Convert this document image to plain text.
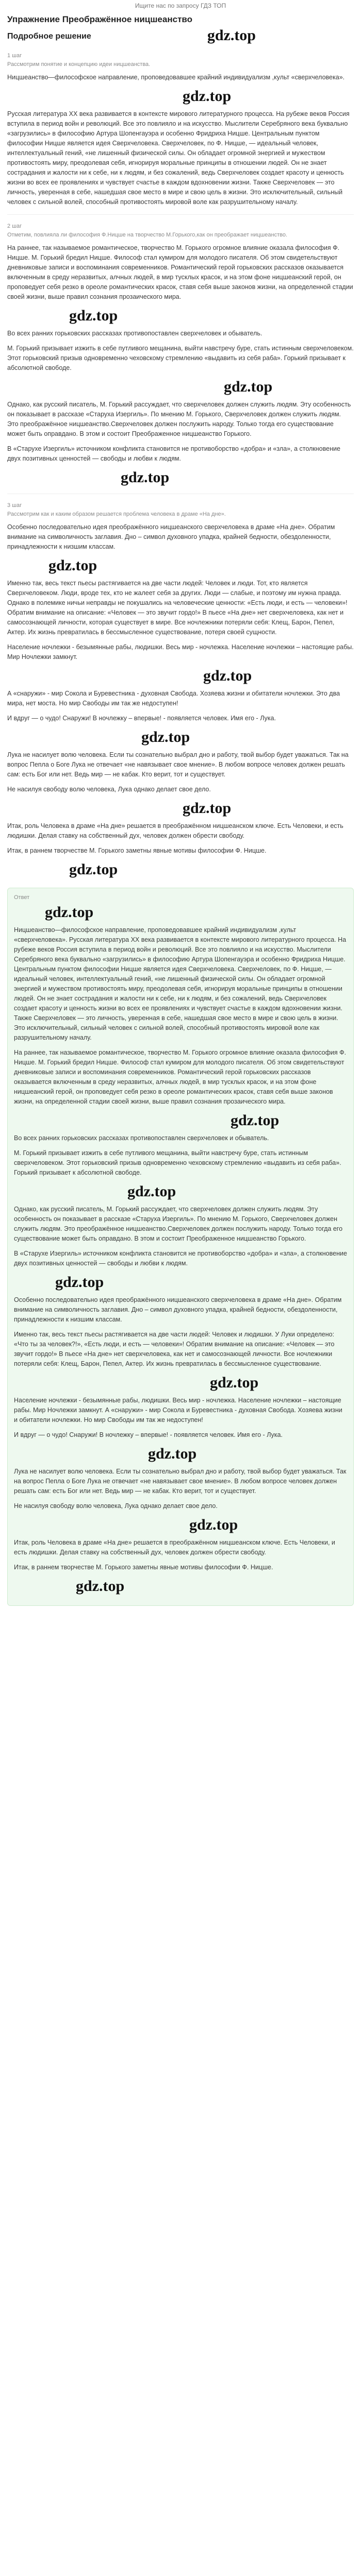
Ищите нас по запросу ГДЗ ТОП
Упражнение Преображённое ницшеанство
Подробное решение	gdz.top
1 шаг
Рассмотрим понятие и концепцию идеи ницшеанства.

Ницшеанство—философское направление, проповедовавшее крайний индивидуализм ,культ «сверхчеловека».

gdz.top

Русская литература XX века развивается в контексте мирового литературного процесса. На рубеже веков Россия вступила в период войн и революций. Все это повлияло и на искусство. Мыслители Серебряного века буквально «загрузились» в философию Артура Шопенгауэра и особенно Фридриха Ницше. Центральным пунктом философии Ницше является идея Сверхчеловека. Сверхчеловек, по Ф. Ницше, — идеальный человек, интеллектуальный гений, «не лишенный физической силы. Он обладает огромной энергией и мужеством противостоять миру, преодолевая себя, игнорируя моральные принципы в отношении людей. Он не знает сострадания и жалости ни к себе, ни к людям, и без сожалений, ведь Сверхчеловек создает красоту и ценность жизни во всех ее проявлениях и чувствует счастье в каждом вдохновении жизни. Также Сверхчеловек — это личность, уверенная в себе, нашедшая свое место в мире и свою цель в жизни. Это исключительный, сильный человек с сильной волей, способный противостоять мировой воле как разрушительному началу.

2 шаг
Отметим, повлияла ли философия Ф.Ницше на творчество М.Горького,как он преображает ницшеанство.

На раннее, так называемое романтическое, творчество М. Горького огромное влияние оказала философия Ф. Ницше. М. Горький бредил Ницше. Философ стал кумиром для молодого писателя. Об этом свидетельствуют дневниковые записи и воспоминания современников. Романтический герой горьковских рассказов оказывается включенным в среду неразвитых, алчных людей, в мир тусклых красок, и на этом фоне ницшеанский герой, он проповедует себя резко в ореоле романтических красок, ставя себя выше законов жизни, на определенной стадии своей жизни, выше правил сознания прозаического мира.

gdz.top

Во всех ранних горьковских рассказах противопоставлен сверхчеловек и обыватель.

М. Горький призывает изжить в себе путливого мещанина, выйти навстречу буре, стать истинным сверхчеловеком. Этот горьковский призыв одновременно чеховскому стремлению «выдавить из себя раба». Горький призывает к абсолютной свободе.

gdz.top

Однако, как русский писатель, М. Горький рассуждает, что сверхчеловек должен служить людям. Эту особенность он показывает в рассказе «Старуха Изергиль». По мнению М. Горького, Сверхчеловек должен служить людям. Это преображённое ницшеанство.Сверхчеловек должен послужить народу. Только тогда его существование может быть оправдано. В этом и состоит Преображенное ницшеанство Горького.

В «Старухе Изергиль» источником конфликта становится не противоборство «добра» и «зла», а столкновение двух позитивных ценностей — свободы и любви к людям.

gdz.top
3 шаг
Рассмотрим как и каким образом решается проблема человека в драме «На дне».

Особенно последовательно идея преображённого ницшеанского сверхчеловека в драме «На дне». Обратим внимание на символичность заглавия. Дно – символ духовного упадка, крайней бедности, обездоленности, принадлежности к низшим классам.

gdz.top

Именно так, весь текст пьесы растягивается на две части людей: Человек и люди. Тот, кто является Сверхчеловеком. Люди, вроде тех, кто не жалеет себя за других. Люди — слабые, и поэтому им нужна правда. Однако в полемике ничьи неправды не покушались на человеческие ценности: «Есть люди, и есть — человеки»! Обратим внимание на описание: «Человек — это звучит гордо!» В пьесе «На дне» нет сверхчеловека, как нет и самосознающей личности, которая существует в мире. Все ночлежники потеряли себя: Клещ, Барон, Пепел, Актер. Их жизнь превратилась в бессмысленное существование, потеря своей сущности.

Население ночлежки - безымянные рабы, людишки. Весь мир - ночлежка. Население ночлежки – настоящие рабы. Мир Ночлежки замкнут.

gdz.top

А «снаружи» - мир Сокола и Буревестника - духовная Свобода. Хозяева жизни и обитатели ночлежки. Это два мира, нет моста. Но мир Свободы им так же недоступен!

И вдруг — о чудо! Снаружи! В ночлежку – впервые! - появляется человек. Имя его - Лука.

gdz.top

Лука не насилует волю человека. Если ты сознательно выбрал дно и работу, твой выбор будет уважаться. Так на вопрос Пепла о Боге Лука не отвечает «не навязывает свое мнение». В любом вопросе человек должен решать сам: есть Бог или нет. Ведь мир — не кабак. Кто верит, тот и существует.

Не насилуя свободу волю человека, Лука однако делает свое дело.

gdz.top

Итак, роль Человека в драме «На дне» решается в преображённом ницшеанском ключе. Есть Человеки, и есть людишки. Делая ставку на собственный дух, человек должен обрести свободу.

Итак, в раннем творчестве М. Горького заметны явные мотивы философии Ф. Ницше.

gdz.top
Ответ
gdz.top

Ницшеанство—философское направление, проповедовавшее крайний индивидуализм ,культ «сверхчеловека». Русская литература XX века развивается в контексте мирового литературного процесса. На рубеже веков Россия вступила в период войн и революций. Все это повлияло и на искусство. Мыслители Серебряного века буквально «загрузились» в философию Артура Шопенгауэра и особенно Фридриха Ницше. Центральным пунктом философии Ницше является идея Сверхчеловека. Сверхчеловек, по Ф. Ницше, — идеальный человек, интеллектуальный гений, «не лишенный физической силы. Он обладает огромной энергией и мужеством противостоять миру, преодолевая себя, игнорируя моральные принципы в отношении людей. Он не знает сострадания и жалости ни к себе, ни к людям, и без сожалений, ведь Сверхчеловек создает красоту и ценность жизни во всех ее проявлениях и чувствует счастье в каждом вдохновении жизни. Также Сверхчеловек — это личность, уверенная в себе, нашедшая свое место в мире и свою цель в жизни. Это исключительный, сильный человек с сильной волей, способный противостоять мировой воле как разрушительному началу.

На раннее, так называемое романтическое, творчество М. Горького огромное влияние оказала философия Ф. Ницше. М. Горький бредил Ницше. Философ стал кумиром для молодого писателя. Об этом свидетельствуют дневниковые записи и воспоминания современников. Романтический герой горьковских рассказов оказывается включенным в среду неразвитых, алчных людей, в мир тусклых красок, и на этом фоне ницшеанский герой, он проповедует себя резко в ореоле романтических красок, ставя себя выше законов жизни, на определенной стадии своей жизни, выше правил сознания прозаического мира.

gdz.top

Во всех ранних горьковских рассказах противопоставлен сверхчеловек и обыватель.

М. Горький призывает изжить в себе путливого мещанина, выйти навстречу буре, стать истинным сверхчеловеком. Этот горьковский призыв одновременно чеховскому стремлению «выдавить из себя раба». Горький призывает к абсолютной свободе.

gdz.top

Однако, как русский писатель, М. Горький рассуждает, что сверхчеловек должен служить людям. Эту особенность он показывает в рассказе «Старуха Изергиль». По мнению М. Горького, Сверхчеловек должен служить людям. Это преображённое ницшеанство.Сверхчеловек должен послужить народу. Только тогда его существование может быть оправдано. В этом и состоит Преображенное ницшеанство Горького.

В «Старухе Изергиль» источником конфликта становится не противоборство «добра» и «зла», а столкновение двух позитивных ценностей — свободы и любви к людям.

gdz.top

Особенно последовательно идея преображённого ницшеанского сверхчеловека в драме «На дне». Обратим внимание на символичность заглавия. Дно – символ духовного упадка, крайней бедности, обездоленности, принадлежности к низшим классам.

Именно так, весь текст пьесы растягивается на две части людей: Человек и людишки. У Луки определено: «Что ты за человек?!», «Есть люди, и есть — человеки»! Обратим внимание на описание: «Человек — это звучит гордо!» В пьесе «На дне» нет сверхчеловека, как нет и самосознающей личности. Все ночлежники потеряли себя: Клещ, Барон, Пепел, Актер. Их жизнь превратилась в бессмысленное существование.

gdz.top

Население ночлежки - безымянные рабы, людишки. Весь мир - ночлежка. Население ночлежки – настоящие рабы. Мир Ночлежки замкнут. А «снаружи» - мир Сокола и Буревестника - духовная Свобода. Хозяева жизни и обитатели ночлежки. Но мир Свободы им так же недоступен!

И вдруг — о чудо! Снаружи! В ночлежку – впервые! - появляется человек. Имя его - Лука.

gdz.top

Лука не насилует волю человека. Если ты сознательно выбрал дно и работу, твой выбор будет уважаться. Так на вопрос Пепла о Боге Лука не отвечает «не навязывает свое мнение». В любом вопросе человек должен решать сам: есть Бог или нет. Ведь мир — не кабак. Кто верит, тот и существует.

Не насилуя свободу волю человека, Лука однако делает свое дело.

gdz.top

Итак, роль Человека в драме «На дне» решается в преображённом ницшеанском ключе. Есть Человеки, и есть людишки. Делая ставку на собственный дух, человек должен обрести свободу.

Итак, в раннем творчестве М. Горького заметны явные мотивы философии Ф. Ницше.

gdz.top
